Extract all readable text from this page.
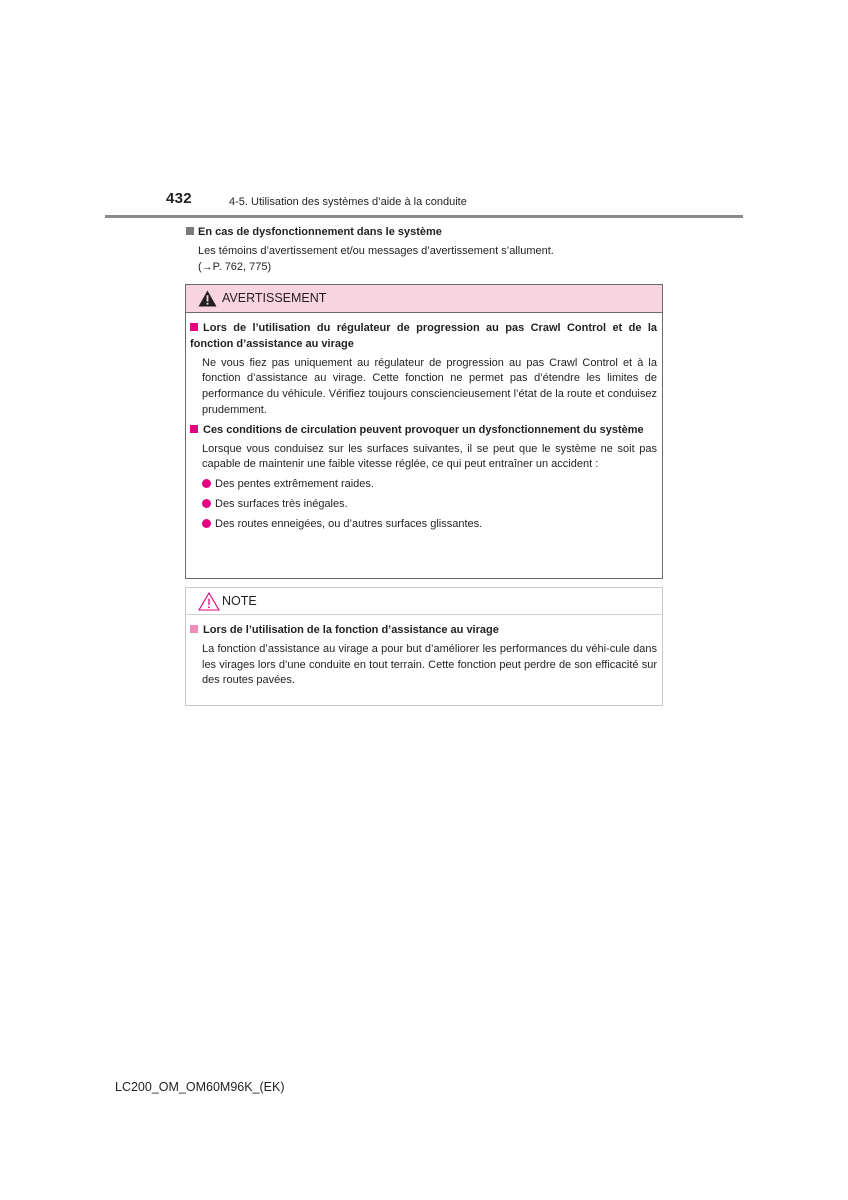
432	4-5. Utilisation des systèmes d’aide à la conduite
En cas de dysfonctionnement dans le système
Les témoins d’avertissement et/ou messages d’avertissement s’allument.
(→P. 762, 775)
AVERTISSEMENT
Lors de l’utilisation du régulateur de progression au pas Crawl Control et de la fonction d’assistance au virage
Ne vous fiez pas uniquement au régulateur de progression au pas Crawl Control et à la fonction d’assistance au virage. Cette fonction ne permet pas d’étendre les limites de performance du véhicule. Vérifiez toujours consciencieusement l’état de la route et conduisez prudemment.
Ces conditions de circulation peuvent provoquer un dysfonctionnement du système
Lorsque vous conduisez sur les surfaces suivantes, il se peut que le système ne soit pas capable de maintenir une faible vitesse réglée, ce qui peut entraîner un accident :
Des pentes extrêmement raides.
Des surfaces très inégales.
Des routes enneigées, ou d’autres surfaces glissantes.
NOTE
Lors de l’utilisation de la fonction d’assistance au virage
La fonction d’assistance au virage a pour but d’améliorer les performances du véhi-cule dans les virages lors d’une conduite en tout terrain. Cette fonction peut perdre de son efficacité sur des routes pavées.
LC200_OM_OM60M96K_(EK)
